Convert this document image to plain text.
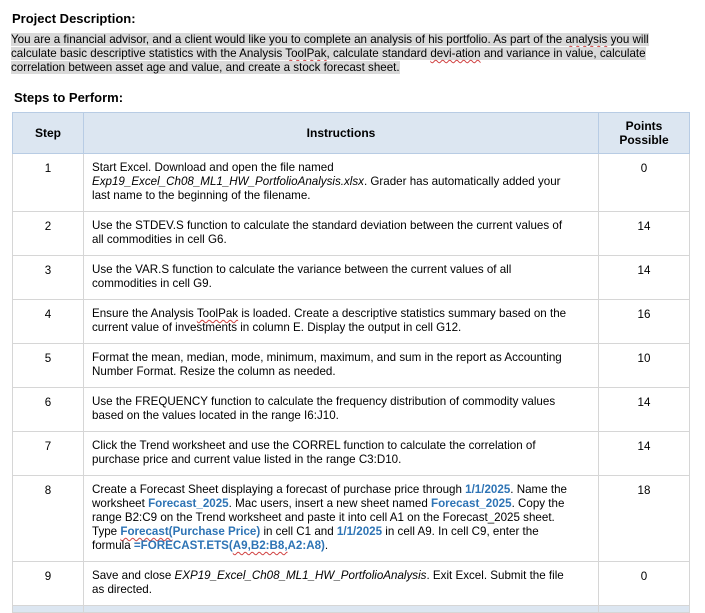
Project Description:
You are a financial advisor, and a client would like you to complete an analysis of his portfolio. As part of the analysis you will
calculate basic descriptive statistics with the Analysis ToolPak, calculate standard devi-ation and variance in value, calculate
correlation between asset age and value, and create a stock forecast sheet.
Steps to Perform:
Step	Instructions	Points
Possible
1	Start Excel. Download and open the file named
Exp19_Excel_Ch08_ML1_HW_PortfolioAnalysis.xlsx. Grader has automatically added your
last name to the beginning of the filename.	0
2	Use the STDEV.S function to calculate the standard deviation between the current values of
all commodities in cell G6.	14
3	Use the VAR.S function to calculate the variance between the current values of all
commodities in cell G9.	14
4	Ensure the Analysis ToolPak is loaded. Create a descriptive statistics summary based on the
current value of investments in column E. Display the output in cell G12.	16
5	Format the mean, median, mode, minimum, maximum, and sum in the report as Accounting
Number Format. Resize the column as needed.	10
6	Use the FREQUENCY function to calculate the frequency distribution of commodity values
based on the values located in the range I6:J10.	14
7	Click the Trend worksheet and use the CORREL function to calculate the correlation of
purchase price and current value listed in the range C3:D10.	14
8	Create a Forecast Sheet displaying a forecast of purchase price through 1/1/2025. Name the
worksheet Forecast_2025. Mac users, insert a new sheet named Forecast_2025. Copy the
range B2:C9 on the Trend worksheet and paste it into cell A1 on the Forecast_2025 sheet.
Type Forecast(Purchase Price) in cell C1 and 1/1/2025 in cell A9. In cell C9, enter the
formula =FORECAST.ETS(A9,B2:B8,A2:A8).	18
9	Save and close EXP19_Excel_Ch08_ML1_HW_PortfolioAnalysis. Exit Excel. Submit the file
as directed.	0
